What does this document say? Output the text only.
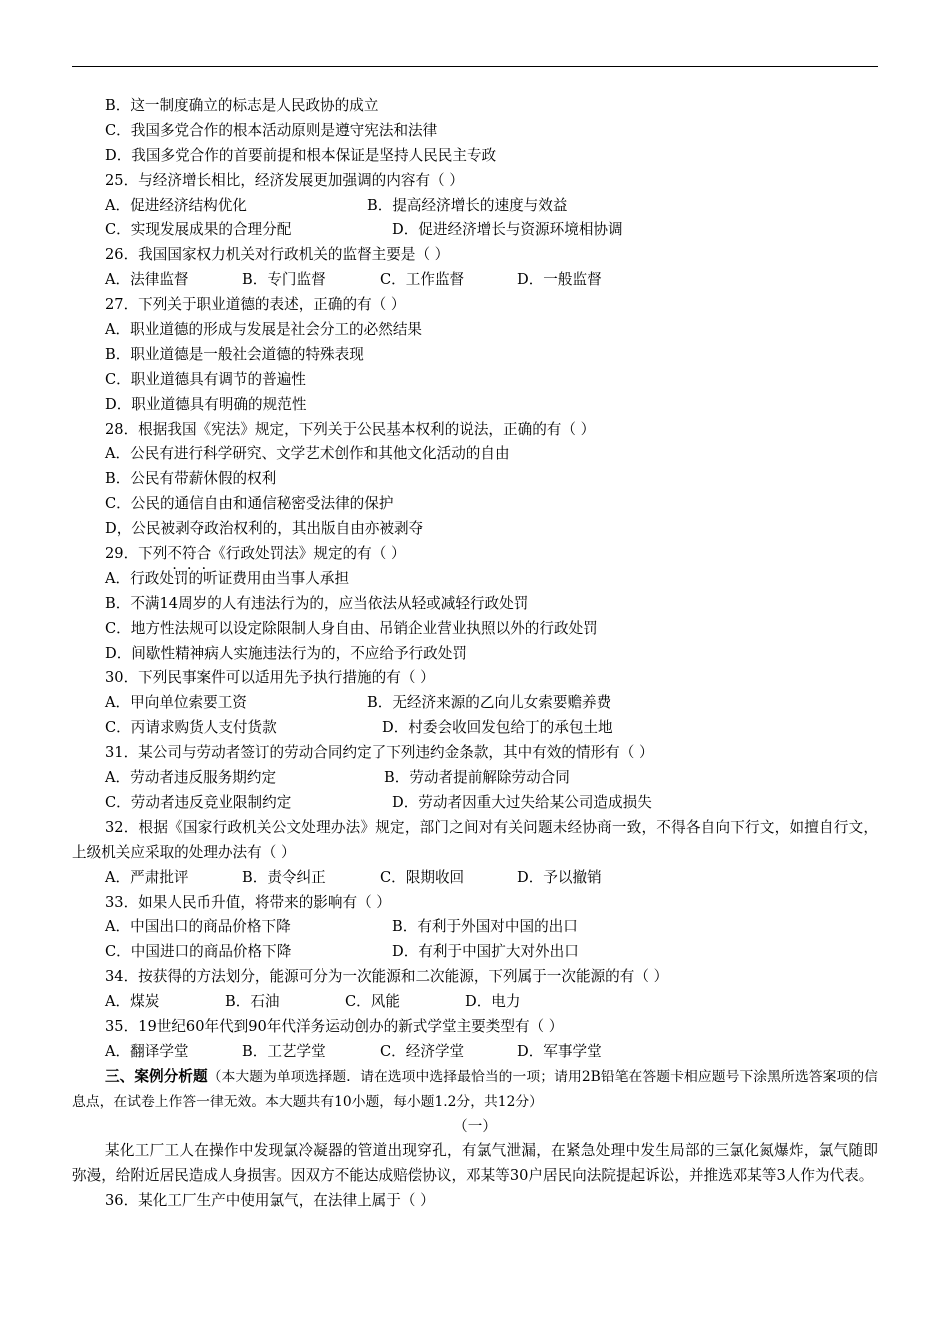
B．这一制度确立的标志是人民政协的成立
C．我国多党合作的根本活动原则是遵守宪法和法律
D．我国多党合作的首要前提和根本保证是坚持人民民主专政
25．与经济增长相比，经济发展更加强调的内容有（ ）
A．促进经济结构优化	B．提高经济增长的速度与效益
C．实现发展成果的合理分配	D．促进经济增长与资源环境相协调
26．我国国家权力机关对行政机关的监督主要是（ ）
A．法律监督	B．专门监督	C．工作监督	D．一般监督
27．下列关于职业道德的表述，正确的有（ ）
A．职业道德的形成与发展是社会分工的必然结果
B．职业道德是一般社会道德的特殊表现
C．职业道德具有调节的普遍性
D．职业道德具有明确的规范性
28．根据我国《宪法》规定，下列关于公民基本权利的说法，正确的有（ ）
A．公民有进行科学研究、文学艺术创作和其他文化活动的自由
B．公民有带薪休假的权利
C．公民的通信自由和通信秘密受法律的保护
D，公民被剥夺政治权利的，其出版自由亦被剥夺
29．下列不符合《行政处罚法》规定的有（ ）
A．行政处罚的听证费用由当事人承担
B．不满14周岁的人有违法行为的，应当依法从轻或减轻行政处罚
C．地方性法规可以设定除限制人身自由、吊销企业营业执照以外的行政处罚
D．间歇性精神病人实施违法行为的，不应给予行政处罚
30．下列民事案件可以适用先予执行措施的有（ ）
A．甲向单位索要工资	B．无经济来源的乙向儿女索要赡养费
C．丙请求购货人支付货款	D．村委会收回发包给丁的承包土地
31．某公司与劳动者签订的劳动合同约定了下列违约金条款，其中有效的情形有（ ）
A．劳动者违反服务期约定	B．劳动者提前解除劳动合同
C．劳动者违反竞业限制约定	D．劳动者因重大过失给某公司造成损失
32．根据《国家行政机关公文处理办法》规定，部门之间对有关问题未经协商一致，不得各自向下行文，如擅自行文，上级机关应采取的处理办法有（ ）
A．严肃批评	B．责令纠正	C．限期收回	D．予以撤销
33．如果人民币升值，将带来的影响有（ ）
A．中国出口的商品价格下降	B．有利于外国对中国的出口
C．中国进口的商品价格下降	D．有利于中国扩大对外出口
34．按获得的方法划分，能源可分为一次能源和二次能源，下列属于一次能源的有（ ）
A．煤炭	B．石油	C．风能	D．电力
35．19世纪60年代到90年代洋务运动创办的新式学堂主要类型有（ ）
A．翻译学堂	B．工艺学堂	C．经济学堂	D．军事学堂
三、案例分析题（本大题为单项选择题．请在选项中选择最恰当的一项；请用2B铅笔在答题卡相应题号下涂黑所选答案项的信息点，在试卷上作答一律无效。本大题共有10小题，每小题1.2分，共12分）
（一）
某化工厂工人在操作中发现氯冷凝器的管道出现穿孔，有氯气泄漏，在紧急处理中发生局部的三氯化氮爆炸，氯气随即弥漫，给附近居民造成人身损害。因双方不能达成赔偿协议，邓某等30户居民向法院提起诉讼，并推选邓某等3人作为代表。
36．某化工厂生产中使用氯气，在法律上属于（ ）
